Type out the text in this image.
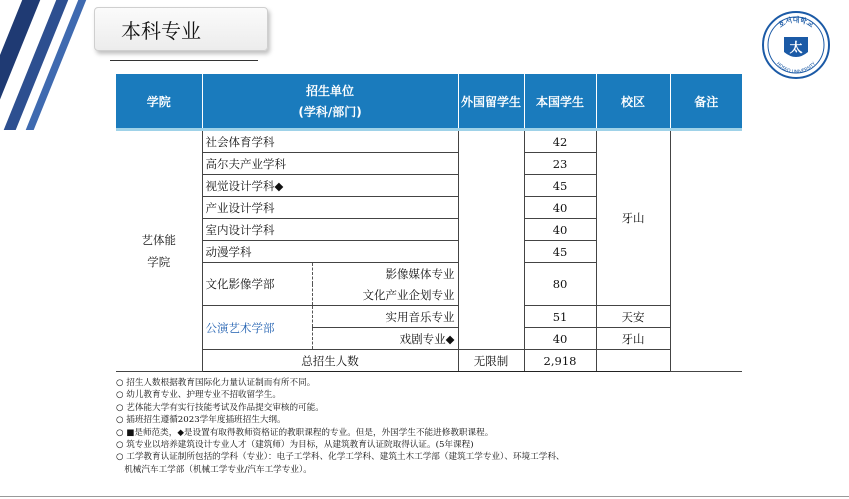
本科专业	호서대학교
HOSEO UNIVERSITY
太
学院	招生单位
(学科/部门)		外国留学生	本国学生	校区	备注

艺体能
学院	社会体育学科			42	牙山	
	高尔夫产业学科			23		
	视觉设计学科◆			45		
	产业设计学科			40		
	室内设计学科			40		
	动漫学科			45		
	文化影像学部	影像媒体专业		80		
		文化产业企划专业				
	公演艺术学部	实用音乐专业		51	天安	
		戏剧专业◆		40	牙山	
	总招生人数		无限制	2,918		
○ 招生人数根据教育国际化力量认证制而有所不同。
○ 幼儿教育专业、护理专业不招收留学生。
○ 艺体能大学有实行技能考试及作品提交审核的可能。
○ 插班招生遵循2023学年度插班招生大纲。
○ ■是师范类，◆是设置有取得教师资格证的教职课程的专业。但是，外国学生不能进修教职课程。
○ 筑专业以培养建筑设计专业人才（建筑师）为目标，从建筑教育认证院取得认证。(5年课程)
○ 工学教育认证制所包括的学科（专业）：电子工学科、化学工学科、建筑土木工学部（建筑工学专业）、环境工学科、
机械汽车工学部（机械工学专业/汽车工学专业）。
